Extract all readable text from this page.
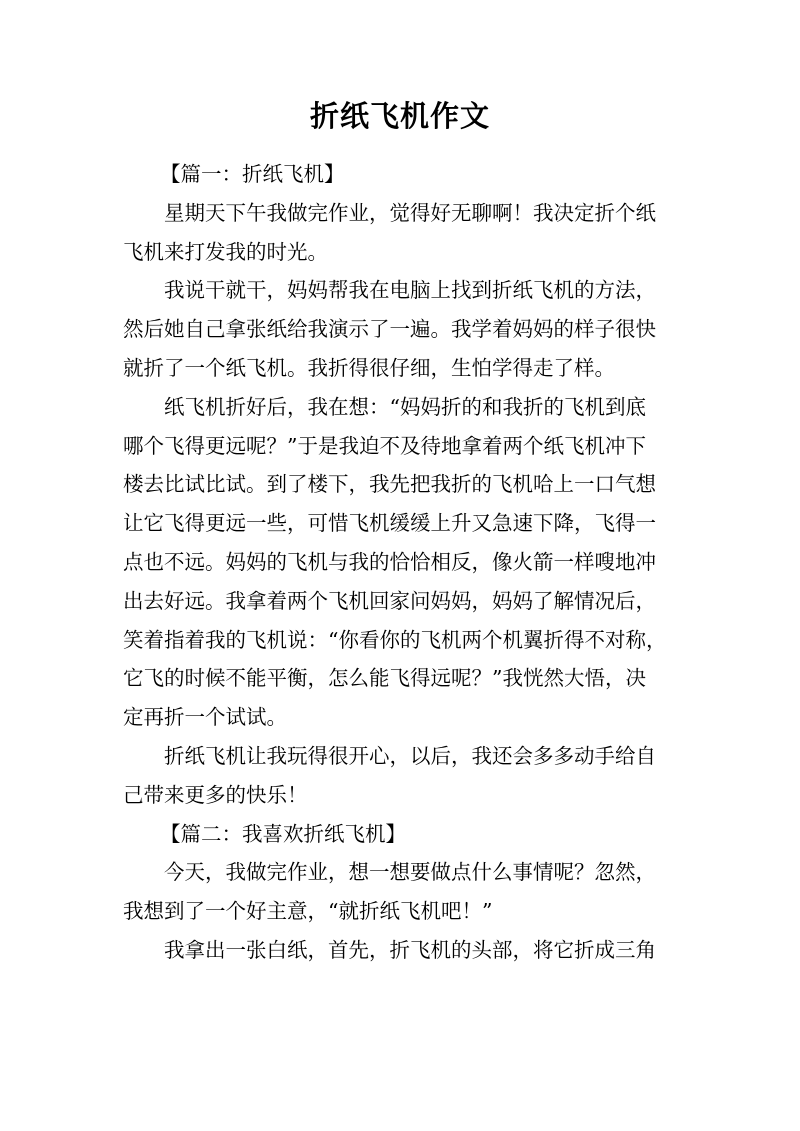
折纸飞机作文
【篇一：折纸飞机】
星期天下午我做完作业，觉得好无聊啊！我决定折个纸
飞机来打发我的时光。
我说干就干，妈妈帮我在电脑上找到折纸飞机的方法，
然后她自己拿张纸给我演示了一遍。我学着妈妈的样子很快
就折了一个纸飞机。我折得很仔细，生怕学得走了样。
纸飞机折好后，我在想：“妈妈折的和我折的飞机到底
哪个飞得更远呢？”于是我迫不及待地拿着两个纸飞机冲下
楼去比试比试。到了楼下，我先把我折的飞机哈上一口气想
让它飞得更远一些，可惜飞机缓缓上升又急速下降，飞得一
点也不远。妈妈的飞机与我的恰恰相反，像火箭一样嗖地冲
出去好远。我拿着两个飞机回家问妈妈，妈妈了解情况后，
笑着指着我的飞机说：“你看你的飞机两个机翼折得不对称，
它飞的时候不能平衡，怎么能飞得远呢？”我恍然大悟，决
定再折一个试试。
折纸飞机让我玩得很开心，以后，我还会多多动手给自
己带来更多的快乐！
【篇二：我喜欢折纸飞机】
今天，我做完作业，想一想要做点什么事情呢？忽然，
我想到了一个好主意，“就折纸飞机吧！”
我拿出一张白纸，首先，折飞机的头部，将它折成三角
